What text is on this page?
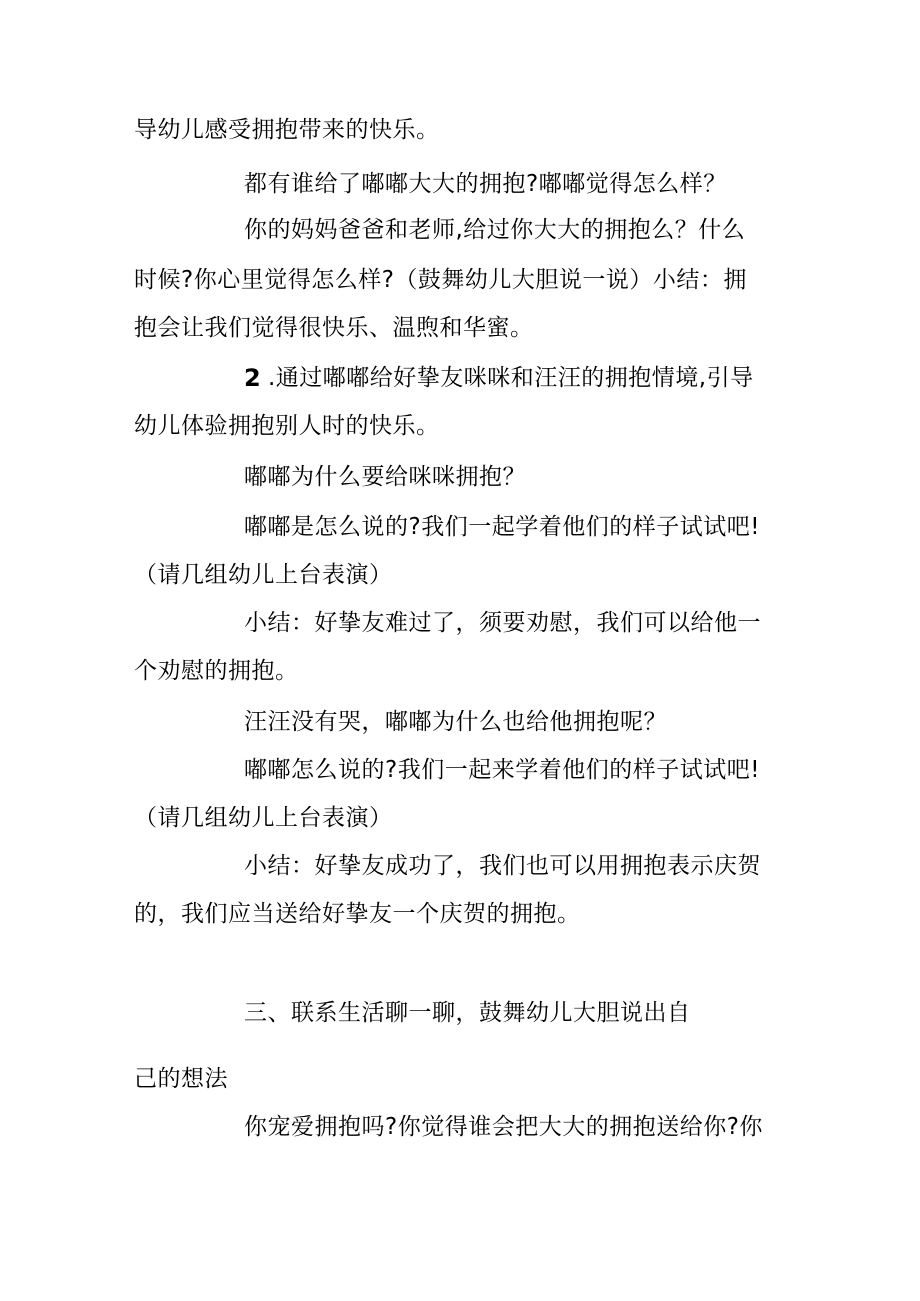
导幼儿感受拥抱带来的快乐。
都有谁给了嘟嘟大大的拥抱?嘟嘟觉得怎么样？
你的妈妈爸爸和老师,给过你大大的拥抱么？什么
时候?你心里觉得怎么样?（鼓舞幼儿大胆说一说）小结：拥
抱会让我们觉得很快乐、温煦和华蜜。
2 .通过嘟嘟给好挚友咪咪和汪汪的拥抱情境,引导
幼儿体验拥抱别人时的快乐。
嘟嘟为什么要给咪咪拥抱？
嘟嘟是怎么说的?我们一起学着他们的样子试试吧!
（请几组幼儿上台表演）
小结：好挚友难过了，须要劝慰，我们可以给他一
个劝慰的拥抱。
汪汪没有哭，嘟嘟为什么也给他拥抱呢？
嘟嘟怎么说的?我们一起来学着他们的样子试试吧!
（请几组幼儿上台表演）
小结：好挚友成功了，我们也可以用拥抱表示庆贺
的，我们应当送给好挚友一个庆贺的拥抱。
三、联系生活聊一聊，鼓舞幼儿大胆说出自
己的想法
你宠爱拥抱吗?你觉得谁会把大大的拥抱送给你?你
